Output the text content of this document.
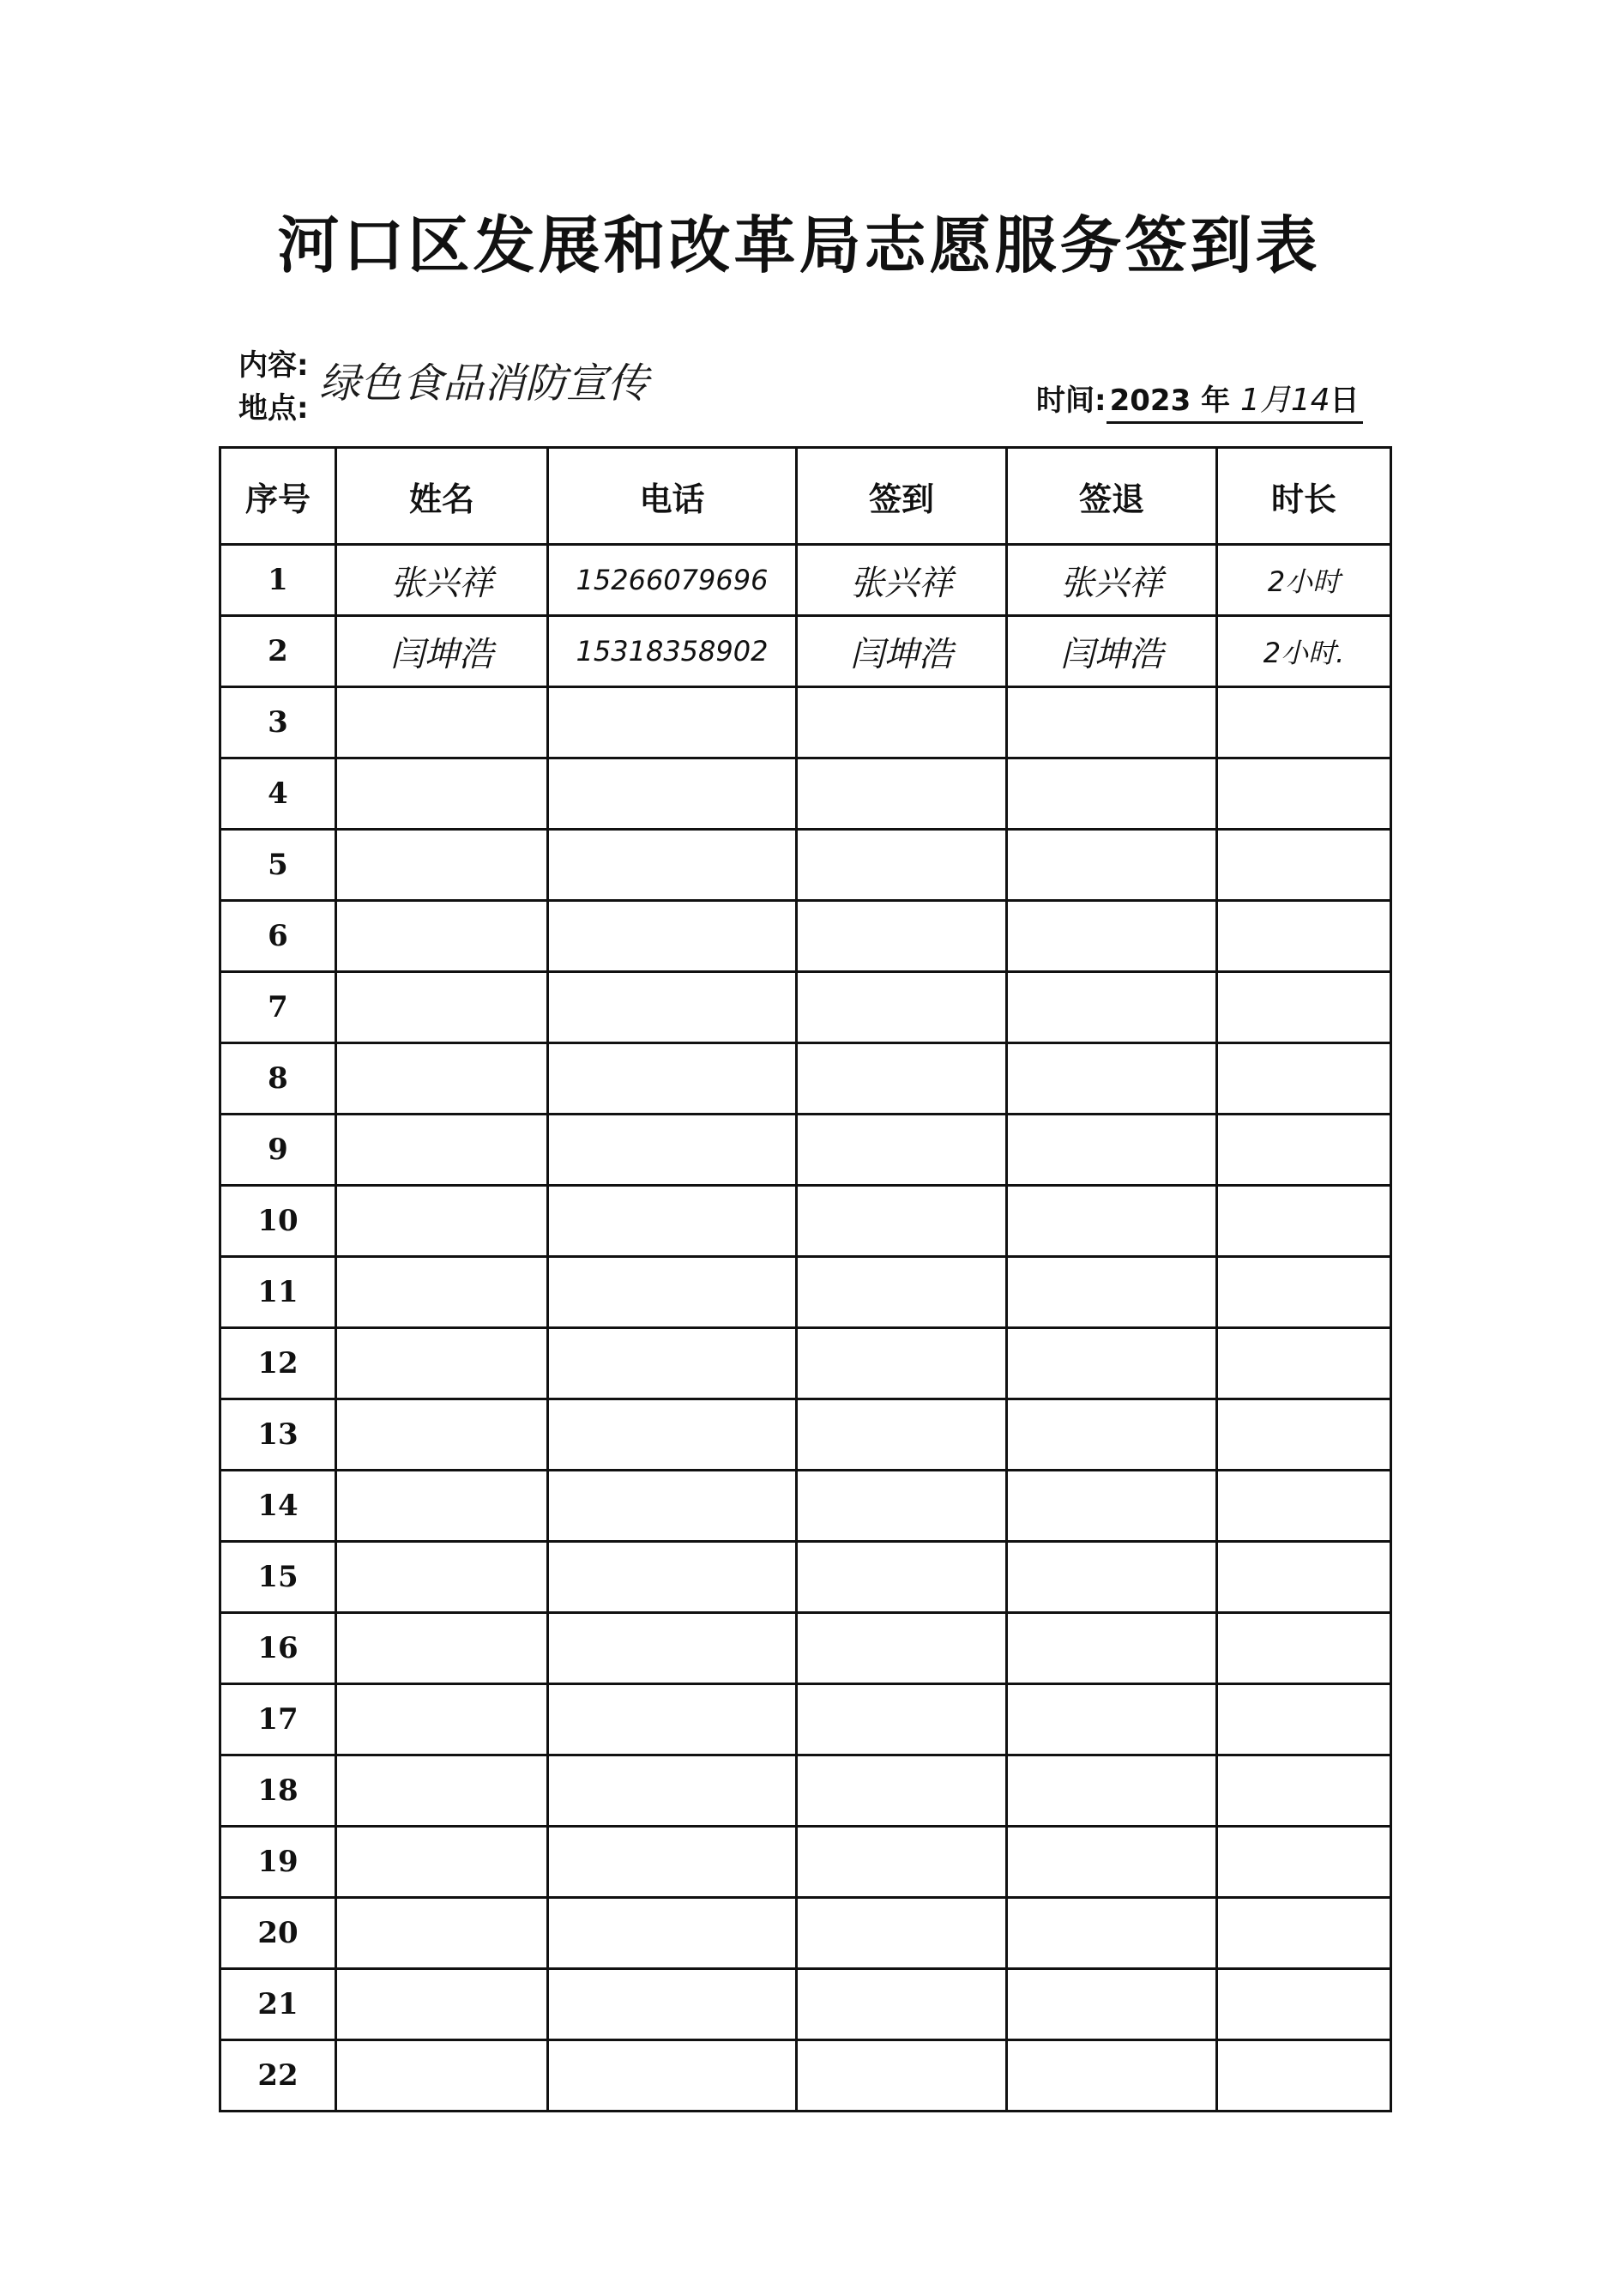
河口区发展和改革局志愿服务签到表
内容:
地点:
绿色食品消防宣传	时间: 2023 年 1月14日
序号	姓名	电话	签到	签退	时长
1	张兴祥	15266079696	张兴祥	张兴祥	2小时
2	闫坤浩	15318358902	闫坤浩	闫坤浩	2小时.
3					
4					
5					
6					
7					
8					
9					
10					
11					
12					
13					
14					
15					
16					
17					
18					
19					
20					
21					
22					
